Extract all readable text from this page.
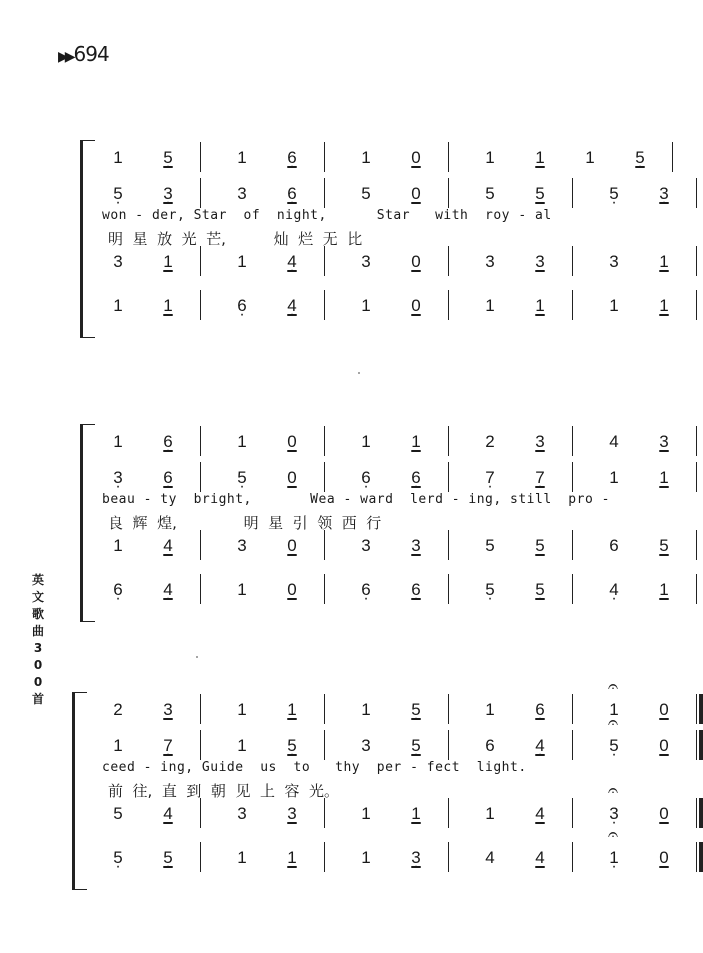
▶▶ 694
英
文
歌
曲
3
0
0
首
1	5 ·	1	6 ·	1	0	1	1	1	5 ·
5 ·	3 ·	3	6 ·	5	0	5	5	5 ·	3 ·
3	1	1	4 ·	3	0	3	3	3	1
1	1	6 ·	4 ·	1	0	1	1	1	1
won - der, Star  of  night,      Star   with  roy - al
明  星  放  光  芒,          灿  烂  无  比
1	6 ·	1	0	1	1	2	3	4	3
3 ·	6 ·	5 ·	0	6 ·	6 ·	7 ·	7 ·	1	1
1	4	3	0	3	3	5	5	6	5
6 ·	4 ·	1	0	6 ·	6 ·	5 ·	5 ·	4 ·	1
beau - ty  bright,       Wea - ward  lerd - ing, still  pro -
良  辉  煌,              明  星  引  领  西  行
2	3	1	1	1	5 ·	1	6 ·	𝄐 1	0
1	7 ·	1	5 ·	3	5 ·	6	4 ·	𝄐 5 ·	0
5	4	3	3	1	1	1	4	𝄐 3 ·	0
5 ·	5 ·	1	1	1	3 ·	4	4	𝄐 1 ·	0
ceed - ing, Guide  us  to   thy  per - fect  light.
前  往,  直  到  朝  见  上  容  光。
